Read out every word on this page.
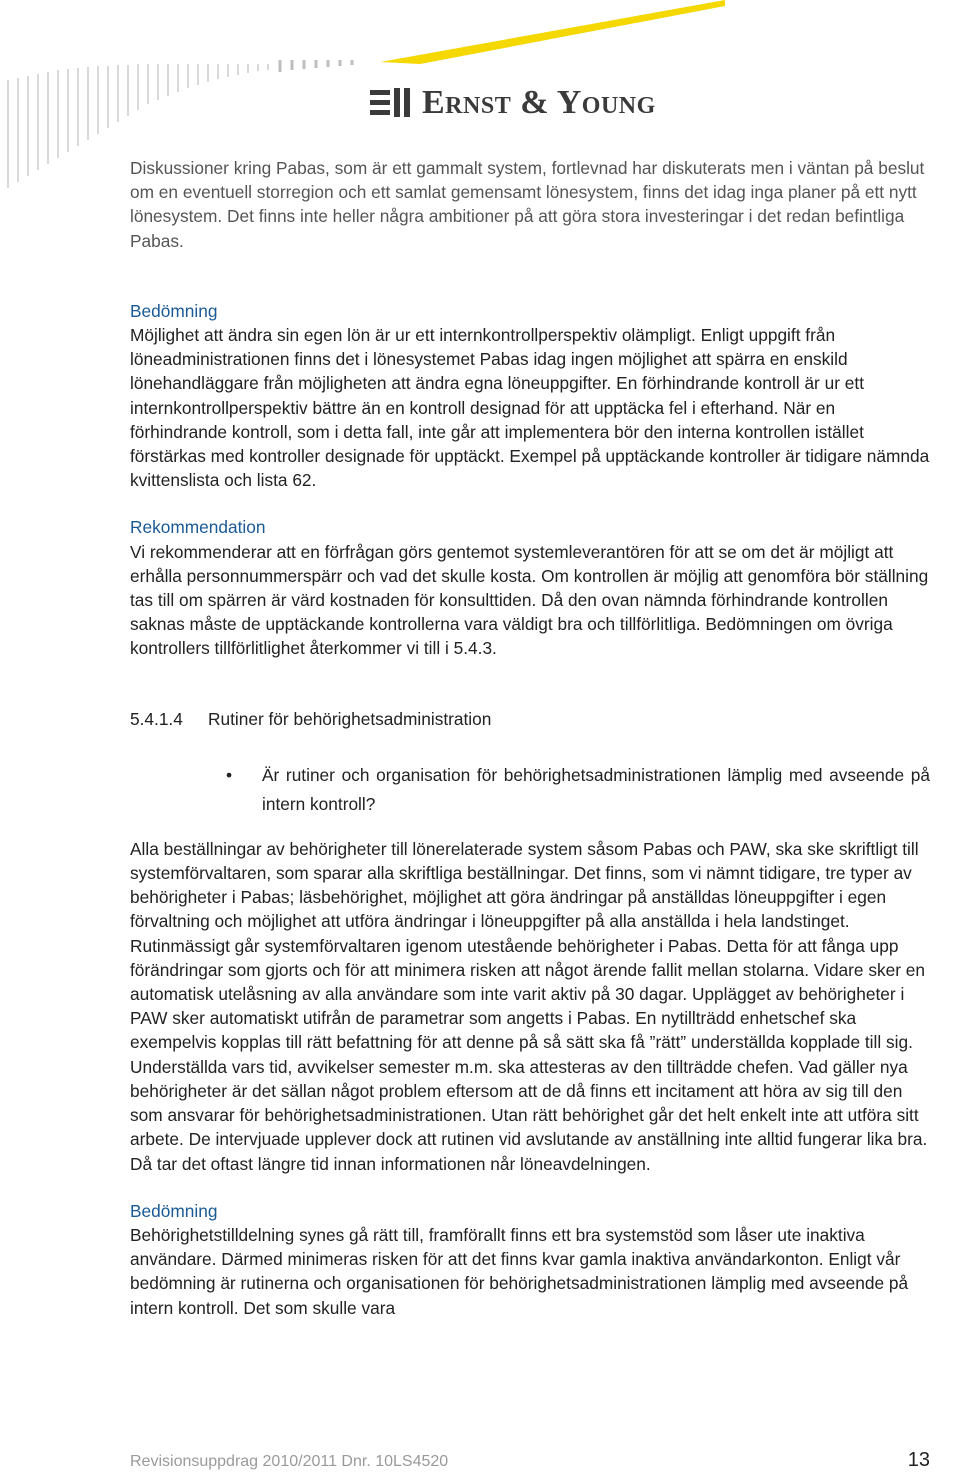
Ernst & Young

Diskussioner kring Pabas, som är ett gammalt system, fortlevnad har diskuterats men i väntan på beslut om en eventuell storregion och ett samlat gemensamt lönesystem, finns det idag inga planer på ett nytt lönesystem. Det finns inte heller några ambitioner på att göra stora investeringar i det redan befintliga Pabas.

Bedömning

Möjlighet att ändra sin egen lön är ur ett internkontrollperspektiv olämpligt. Enligt uppgift från löneadministrationen finns det i lönesystemet Pabas idag ingen möjlighet att spärra en enskild lönehandläggare från möjligheten att ändra egna löneuppgifter. En förhindrande kontroll är ur ett internkontrollperspektiv bättre än en kontroll designad för att upptäcka fel i efterhand. När en förhindrande kontroll, som i detta fall, inte går att implementera bör den interna kontrollen istället förstärkas med kontroller designade för upptäckt. Exempel på upptäckande kontroller är tidigare nämnda kvittenslista och lista 62.

Rekommendation

Vi rekommenderar att en förfrågan görs gentemot systemleverantören för att se om det är möjligt att erhålla personnummerspärr och vad det skulle kosta. Om kontrollen är möjlig att genomföra bör ställning tas till om spärren är värd kostnaden för konsulttiden. Då den ovan nämnda förhindrande kontrollen saknas måste de upptäckande kontrollerna vara väldigt bra och tillförlitliga. Bedömningen om övriga kontrollers tillförlitlighet återkommer vi till i 5.4.3.

5.4.1.4 Rutiner för behörighetsadministration

• Är rutiner och organisation för behörighetsadministrationen lämplig med avseende på intern kontroll?

Alla beställningar av behörigheter till lönerelaterade system såsom Pabas och PAW, ska ske skriftligt till systemförvaltaren, som sparar alla skriftliga beställningar. Det finns, som vi nämnt tidigare, tre typer av behörigheter i Pabas; läsbehörighet, möjlighet att göra ändringar på anställdas löneuppgifter i egen förvaltning och möjlighet att utföra ändringar i löneuppgifter på alla anställda i hela landstinget. Rutinmässigt går systemförvaltaren igenom utestående behörigheter i Pabas. Detta för att fånga upp förändringar som gjorts och för att minimera risken att något ärende fallit mellan stolarna. Vidare sker en automatisk utelåsning av alla användare som inte varit aktiv på 30 dagar. Upplägget av behörigheter i PAW sker automatiskt utifrån de parametrar som angetts i Pabas. En nytillträdd enhetschef ska exempelvis kopplas till rätt befattning för att denne på så sätt ska få ”rätt” underställda kopplade till sig. Underställda vars tid, avvikelser semester m.m. ska attesteras av den tillträdde chefen. Vad gäller nya behörigheter är det sällan något problem eftersom att de då finns ett incitament att höra av sig till den som ansvarar för behörighetsadministrationen. Utan rätt behörighet går det helt enkelt inte att utföra sitt arbete. De intervjuade upplever dock att rutinen vid avslutande av anställning inte alltid fungerar lika bra. Då tar det oftast längre tid innan informationen når löneavdelningen.

Bedömning

Behörighetstilldelning synes gå rätt till, framförallt finns ett bra systemstöd som låser ute inaktiva användare. Därmed minimeras risken för att det finns kvar gamla inaktiva användarkonton. Enligt vår bedömning är rutinerna och organisationen för behörighetsadministrationen lämplig med avseende på intern kontroll. Det som skulle vara

Revisionsuppdrag 2010/2011 Dnr. 10LS4520	13
